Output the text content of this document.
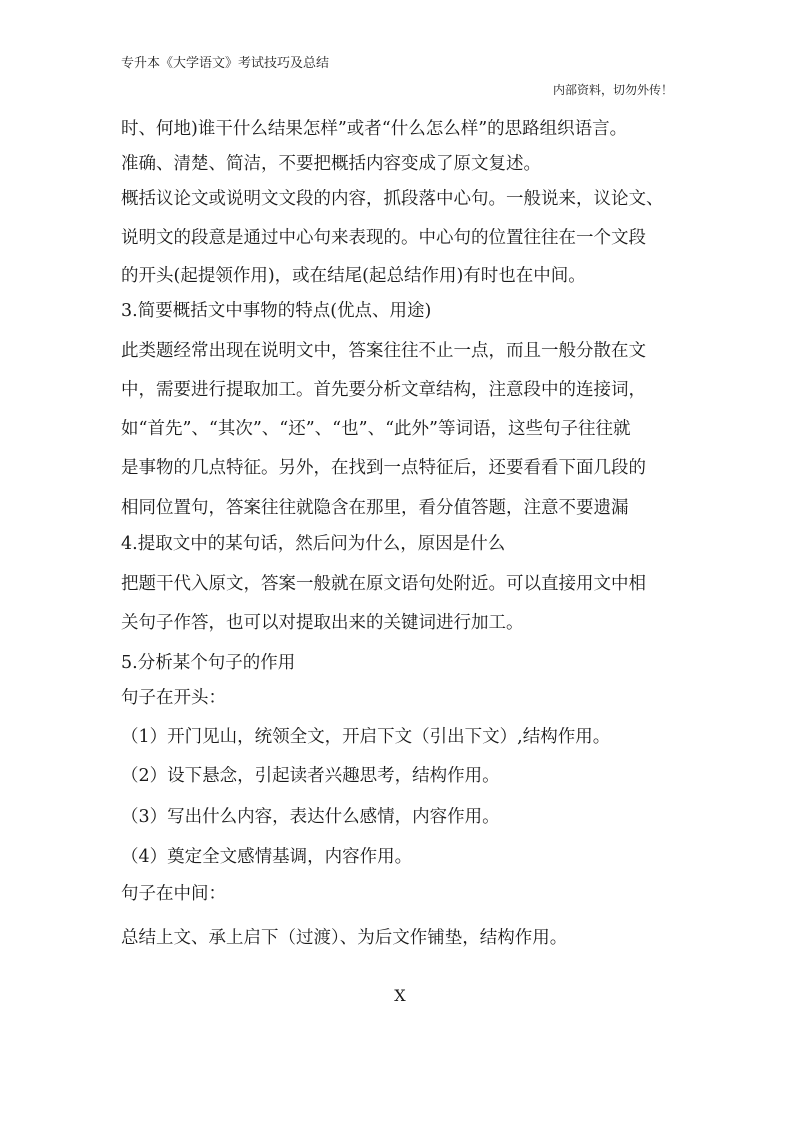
专升本《大学语文》考试技巧及总结
内部资料，切勿外传！
时、何地)谁干什么结果怎样”或者“什么怎么样”的思路组织语言。
准确、清楚、简洁，不要把概括内容变成了原文复述。
概括议论文或说明文文段的内容，抓段落中心句。一般说来，议论文、
说明文的段意是通过中心句来表现的。中心句的位置往往在一个文段
的开头(起提领作用)，或在结尾(起总结作用)有时也在中间。
3.简要概括文中事物的特点(优点、用途)
此类题经常出现在说明文中，答案往往不止一点，而且一般分散在文
中，需要进行提取加工。首先要分析文章结构，注意段中的连接词，
如“首先”、“其次”、“还”、“也”、“此外”等词语，这些句子往往就
是事物的几点特征。另外，在找到一点特征后，还要看看下面几段的
相同位置句，答案往往就隐含在那里，看分值答题，注意不要遗漏
4.提取文中的某句话，然后问为什么，原因是什么
把题干代入原文，答案一般就在原文语句处附近。可以直接用文中相
关句子作答，也可以对提取出来的关键词进行加工。
5.分析某个句子的作用
句子在开头：
（1）开门见山，统领全文，开启下文（引出下文）,结构作用。
（2）设下悬念，引起读者兴趣思考，结构作用。
（3）写出什么内容，表达什么感情，内容作用。
（4）奠定全文感情基调，内容作用。
句子在中间：
总结上文、承上启下（过渡）、为后文作铺垫，结构作用。
X
